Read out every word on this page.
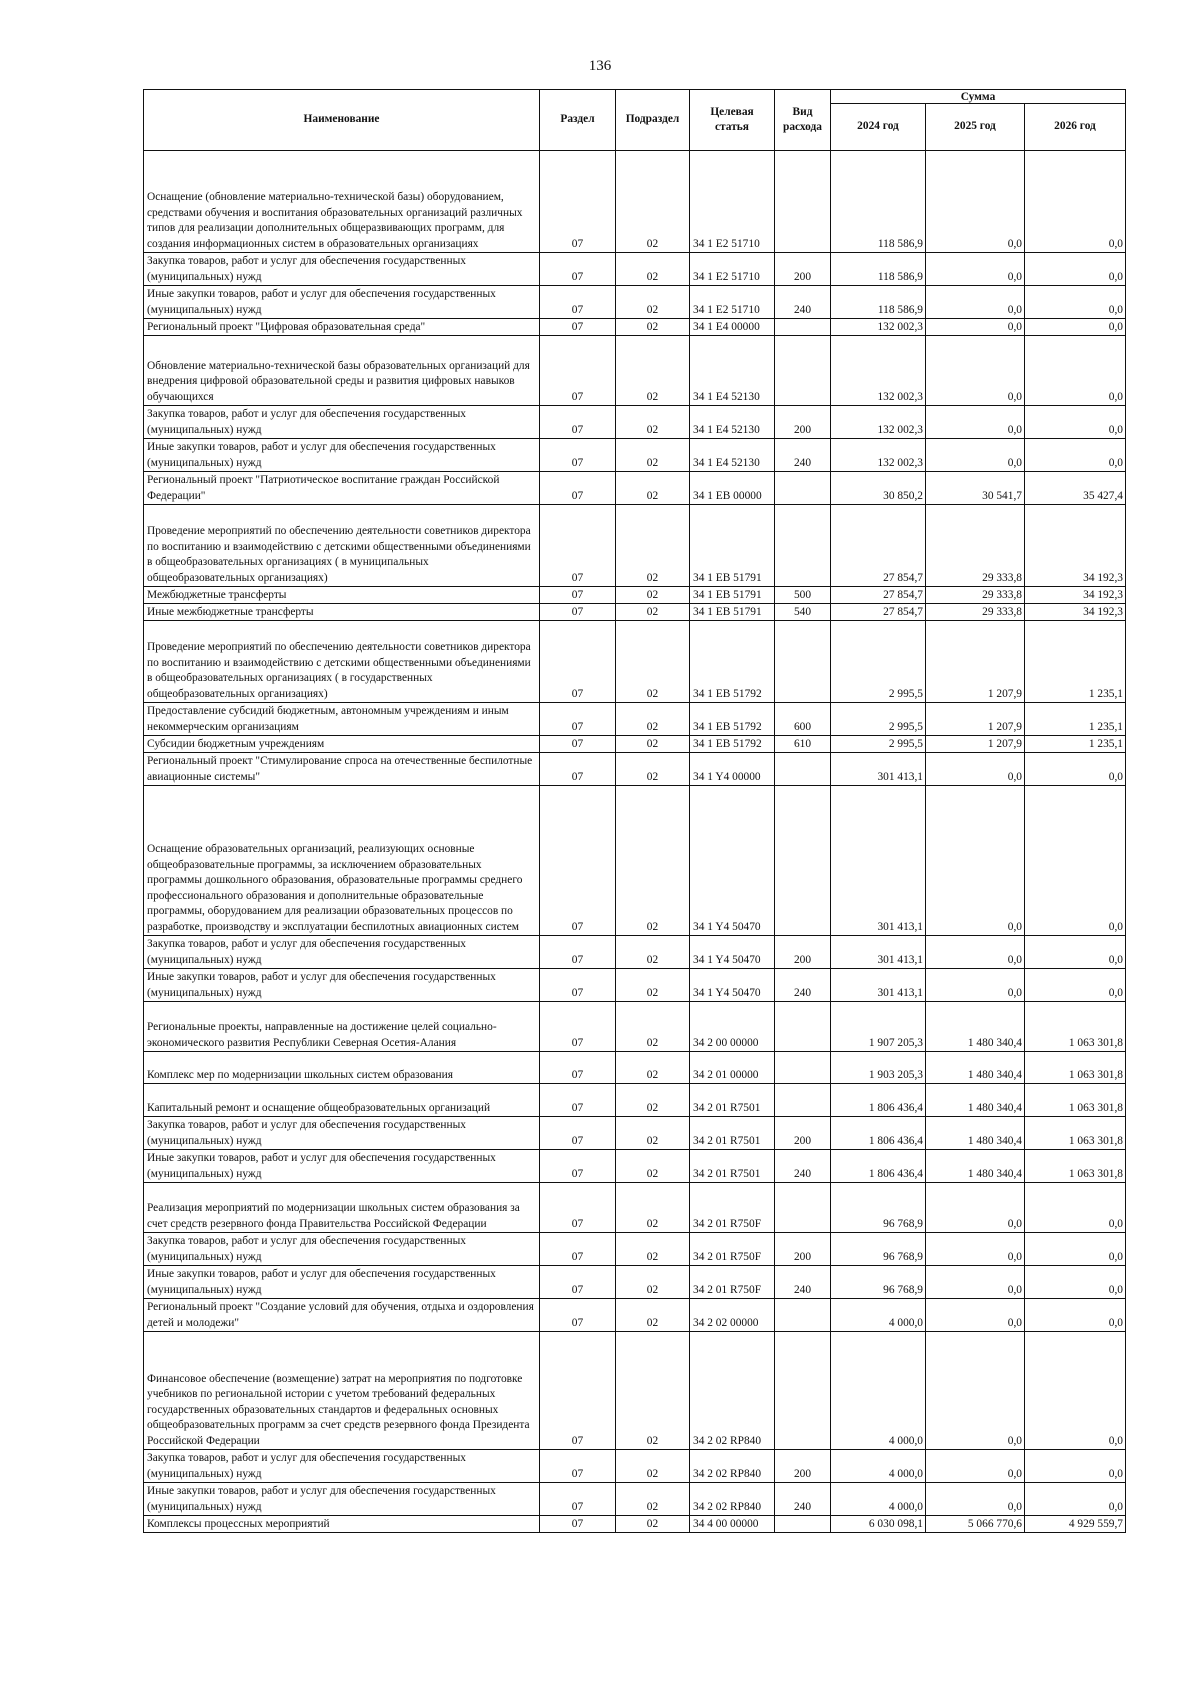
136
Наименование	Раздел	Подраздел	Целевая статья	Вид расхода	Сумма		
					2024 год	2025 год	2026 год
Оснащение (обновление материально-технической базы) оборудованием, средствами обучения и воспитания образовательных организаций различных типов для реализации дополнительных общеразвивающих программ, для создания информационных систем в образовательных организациях	07	02	34 1 E2 51710		118 586,9	0,0	0,0
Закупка товаров, работ и услуг для обеспечения государственных (муниципальных) нужд	07	02	34 1 E2 51710	200	118 586,9	0,0	0,0
Иные закупки товаров, работ и услуг для обеспечения государственных (муниципальных) нужд	07	02	34 1 E2 51710	240	118 586,9	0,0	0,0
Региональный проект "Цифровая образовательная среда"	07	02	34 1 E4 00000		132 002,3	0,0	0,0
Обновление материально-технической базы образовательных организаций для внедрения цифровой образовательной среды и развития цифровых навыков обучающихся	07	02	34 1 E4 52130		132 002,3	0,0	0,0
Закупка товаров, работ и услуг для обеспечения государственных (муниципальных) нужд	07	02	34 1 E4 52130	200	132 002,3	0,0	0,0
Иные закупки товаров, работ и услуг для обеспечения государственных (муниципальных) нужд	07	02	34 1 E4 52130	240	132 002,3	0,0	0,0
Региональный проект "Патриотическое воспитание граждан Российской Федерации"	07	02	34 1 EB 00000		30 850,2	30 541,7	35 427,4
Проведение мероприятий по обеспечению деятельности советников директора по воспитанию и взаимодействию с детскими общественными объединениями в общеобразовательных организациях ( в муниципальных общеобразовательных организациях)	07	02	34 1 EB 51791		27 854,7	29 333,8	34 192,3
Межбюджетные трансферты	07	02	34 1 EB 51791	500	27 854,7	29 333,8	34 192,3
Иные межбюджетные трансферты	07	02	34 1 EB 51791	540	27 854,7	29 333,8	34 192,3
Проведение мероприятий по обеспечению деятельности советников директора по воспитанию и взаимодействию с детскими общественными объединениями в общеобразовательных организациях ( в государственных общеобразовательных организациях)	07	02	34 1 EB 51792		2 995,5	1 207,9	1 235,1
Предоставление субсидий бюджетным, автономным учреждениям и иным некоммерческим организациям	07	02	34 1 EB 51792	600	2 995,5	1 207,9	1 235,1
Субсидии бюджетным учреждениям	07	02	34 1 EB 51792	610	2 995,5	1 207,9	1 235,1
Региональный проект "Стимулирование спроса на отечественные беспилотные авиационные системы"	07	02	34 1 Y4 00000		301 413,1	0,0	0,0
Оснащение образовательных организаций, реализующих основные общеобразовательные программы, за исключением образовательных программы дошкольного образования, образовательные программы среднего профессионального образования и дополнительные образовательные программы, оборудованием для реализации образовательных процессов по разработке, производству и эксплуатации беспилотных авиационных систем	07	02	34 1 Y4 50470		301 413,1	0,0	0,0
Закупка товаров, работ и услуг для обеспечения государственных (муниципальных) нужд	07	02	34 1 Y4 50470	200	301 413,1	0,0	0,0
Иные закупки товаров, работ и услуг для обеспечения государственных (муниципальных) нужд	07	02	34 1 Y4 50470	240	301 413,1	0,0	0,0
Региональные проекты, направленные на достижение целей социально-экономического развития Республики Северная Осетия-Алания	07	02	34 2 00 00000		1 907 205,3	1 480 340,4	1 063 301,8
Комплекс мер по модернизации школьных систем образования	07	02	34 2 01 00000		1 903 205,3	1 480 340,4	1 063 301,8
Капитальный ремонт и оснащение общеобразовательных организаций	07	02	34 2 01 R7501		1 806 436,4	1 480 340,4	1 063 301,8
Закупка товаров, работ и услуг для обеспечения государственных (муниципальных) нужд	07	02	34 2 01 R7501	200	1 806 436,4	1 480 340,4	1 063 301,8
Иные закупки товаров, работ и услуг для обеспечения государственных (муниципальных) нужд	07	02	34 2 01 R7501	240	1 806 436,4	1 480 340,4	1 063 301,8
Реализация мероприятий по модернизации школьных систем образования за счет средств резервного фонда Правительства Российской Федерации	07	02	34 2 01 R750F		96 768,9	0,0	0,0
Закупка товаров, работ и услуг для обеспечения государственных (муниципальных) нужд	07	02	34 2 01 R750F	200	96 768,9	0,0	0,0
Иные закупки товаров, работ и услуг для обеспечения государственных (муниципальных) нужд	07	02	34 2 01 R750F	240	96 768,9	0,0	0,0
Региональный проект "Создание условий для обучения, отдыха и оздоровления детей и молодежи"	07	02	34 2 02 00000		4 000,0	0,0	0,0
Финансовое обеспечение (возмещение) затрат на мероприятия по подготовке учебников по региональной истории с учетом требований федеральных государственных образовательных стандартов и федеральных основных общеобразовательных программ за счет средств резервного фонда Президента Российской Федерации	07	02	34 2 02 RP840		4 000,0	0,0	0,0
Закупка товаров, работ и услуг для обеспечения государственных (муниципальных) нужд	07	02	34 2 02 RP840	200	4 000,0	0,0	0,0
Иные закупки товаров, работ и услуг для обеспечения государственных (муниципальных) нужд	07	02	34 2 02 RP840	240	4 000,0	0,0	0,0
Комплексы процессных мероприятий	07	02	34 4 00 00000		6 030 098,1	5 066 770,6	4 929 559,7
